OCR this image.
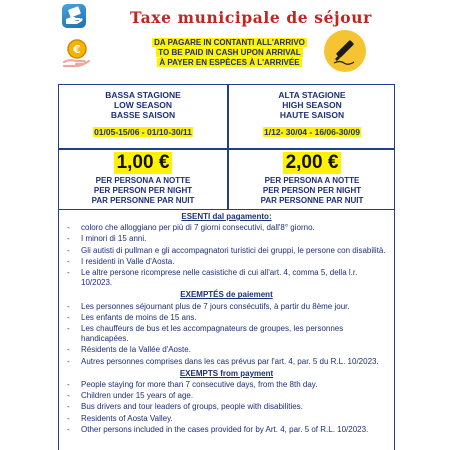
Taxe municipale de séjour
€
DA PAGARE IN CONTANTI ALL'ARRIVO
TO BE PAID IN CASH UPON ARRIVAL
À PAYER EN ESPÈCES À L'ARRIVÉE
BASSA STAGIONE
LOW SEASON
BASSE SAISON
01/05-15/06 - 01/10-30/11
ALTA STAGIONE
HIGH SEASON
HAUTE SAISON
1/12- 30/04 - 16/06-30/09
1,00 €
PER PERSONA A NOTTE
PER PERSON PER NIGHT
PAR PERSONNE PAR NUIT
2,00 €
PER PERSONA A NOTTE
PER PERSON PER NIGHT
PAR PERSONNE PAR NUIT
ESENTI dal pagamento:
- coloro che alloggiano per più di 7 giorni consecutivi, dall'8° giorno.
- I minori di 15 anni.
- Gli autisti di pullman e gli accompagnatori turistici dei gruppi, le persone con disabilità.
- I residenti in Valle d'Aosta.
- Le altre persone ricomprese nelle casistiche di cui all'art. 4, comma 5, della l.r. 10/2023.
EXEMPTÉS de paiement
- Les personnes séjournant plus de 7 jours consécutifs, à partir du 8ème jour.
- Les enfants de moins de 15 ans.
- Les chauffeurs de bus et les accompagnateurs de groupes, les personnes handicapées.
- Résidents de la Vallée d'Aoste.
- Autres personnes comprises dans les cas prévus par l'art. 4, par. 5 du R.L. 10/2023.
EXEMPTS from payment
- People staying for more than 7 consecutive days, from the 8th day.
- Children under 15 years of age.
- Bus drivers and tour leaders of groups, people with disabilities.
- Residents of Aosta Valley.
- Other persons included in the cases provided for by Art. 4, par. 5 of R.L. 10/2023.
